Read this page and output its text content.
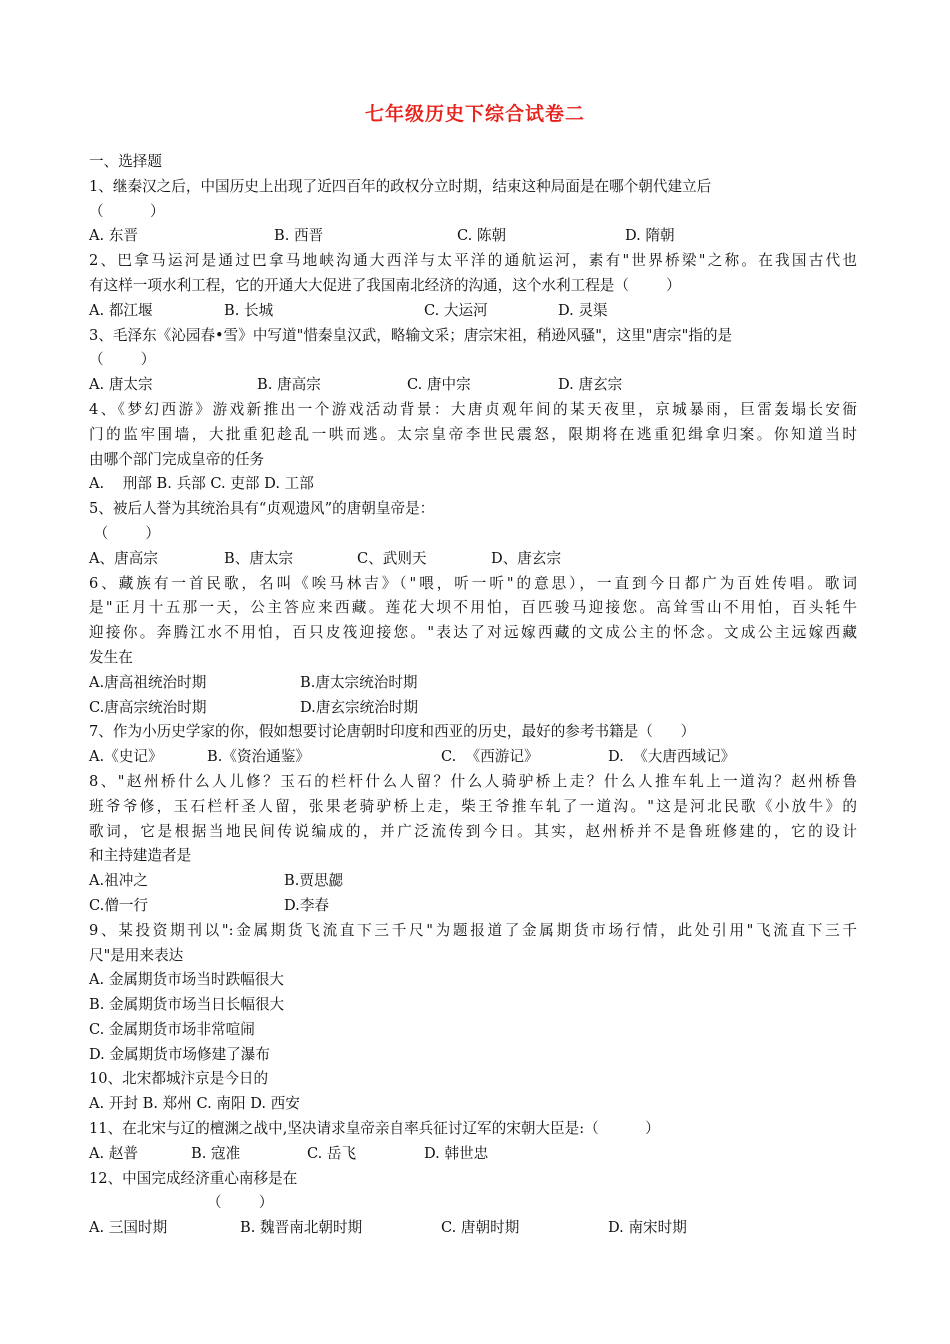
七年级历史下综合试卷二
一、选择题
1、继秦汉之后，中国历史上出现了近四百年的政权分立时期，结束这种局面是在哪个朝代建立后
（          ）
A. 东晋	B. 西晋	C. 陈朝	D. 隋朝
2、巴拿马运河是通过巴拿马地峡沟通大西洋与太平洋的通航运河，素有"世界桥梁"之称。在我国古代也
有这样一项水利工程，它的开通大大促进了我国南北经济的沟通，这个水利工程是（        ）
A. 都江堰	B. 长城	C. 大运河	D. 灵渠
3、毛泽东《沁园春•雪》中写道"惜秦皇汉武，略输文采；唐宗宋祖，稍逊风骚"，这里"唐宗"指的是
（        ）
A. 唐太宗	B. 唐高宗	C. 唐中宗	D. 唐玄宗
4、《梦幻西游》游戏新推出一个游戏活动背景：大唐贞观年间的某天夜里，京城暴雨，巨雷轰塌长安衙
门的监牢围墙，大批重犯趁乱一哄而逃。太宗皇帝李世民震怒，限期将在逃重犯缉拿归案。你知道当时
由哪个部门完成皇帝的任务
A.    刑部 B. 兵部 C. 吏部 D. 工部
5、被后人誉为其统治具有“贞观遗风”的唐朝皇帝是：
（        ）
A、唐高宗	B、唐太宗	C、武则天	D、唐玄宗
6、藏族有一首民歌，名叫《唉马林吉》（"喂，听一听"的意思），一直到今日都广为百姓传唱。歌词
是"正月十五那一天，公主答应来西藏。莲花大坝不用怕，百匹骏马迎接您。高耸雪山不用怕，百头牦牛
迎接你。奔腾江水不用怕，百只皮筏迎接您。"表达了对远嫁西藏的文成公主的怀念。文成公主远嫁西藏
发生在
A.唐高祖统治时期	B.唐太宗统治时期
C.唐高宗统治时期	D.唐玄宗统治时期
7、作为小历史学家的你，假如想要讨论唐朝时印度和西亚的历史，最好的参考书籍是（      ）
A.《史记》	B.《资治通鉴》	C.  《西游记》	D.  《大唐西域记》
8、"赵州桥什么人儿修？玉石的栏杆什么人留？什么人骑驴桥上走？什么人推车轧上一道沟？赵州桥鲁
班爷爷修，玉石栏杆圣人留，张果老骑驴桥上走，柴王爷推车轧了一道沟。"这是河北民歌《小放牛》的
歌词，它是根据当地民间传说编成的，并广泛流传到今日。其实，赵州桥并不是鲁班修建的，它的设计
和主持建造者是
A.祖冲之	B.贾思勰
C.僧一行	D.李春
9、某投资期刊以":金属期货飞流直下三千尺"为题报道了金属期货市场行情，此处引用"飞流直下三千
尺"是用来表达
A. 金属期货市场当时跌幅很大
B. 金属期货市场当日长幅很大
C. 金属期货市场非常喧闹
D. 金属期货市场修建了瀑布
10、北宋都城汴京是今日的
A. 开封 B. 郑州 C. 南阳 D. 西安
11、在北宋与辽的檀渊之战中,坚决请求皇帝亲自率兵征讨辽军的宋朝大臣是:（          ）
A. 赵普	B. 寇准	C. 岳飞	D. 韩世忠
12、中国完成经济重心南移是在
（        ）
A. 三国时期	B. 魏晋南北朝时期	C. 唐朝时期	D. 南宋时期
